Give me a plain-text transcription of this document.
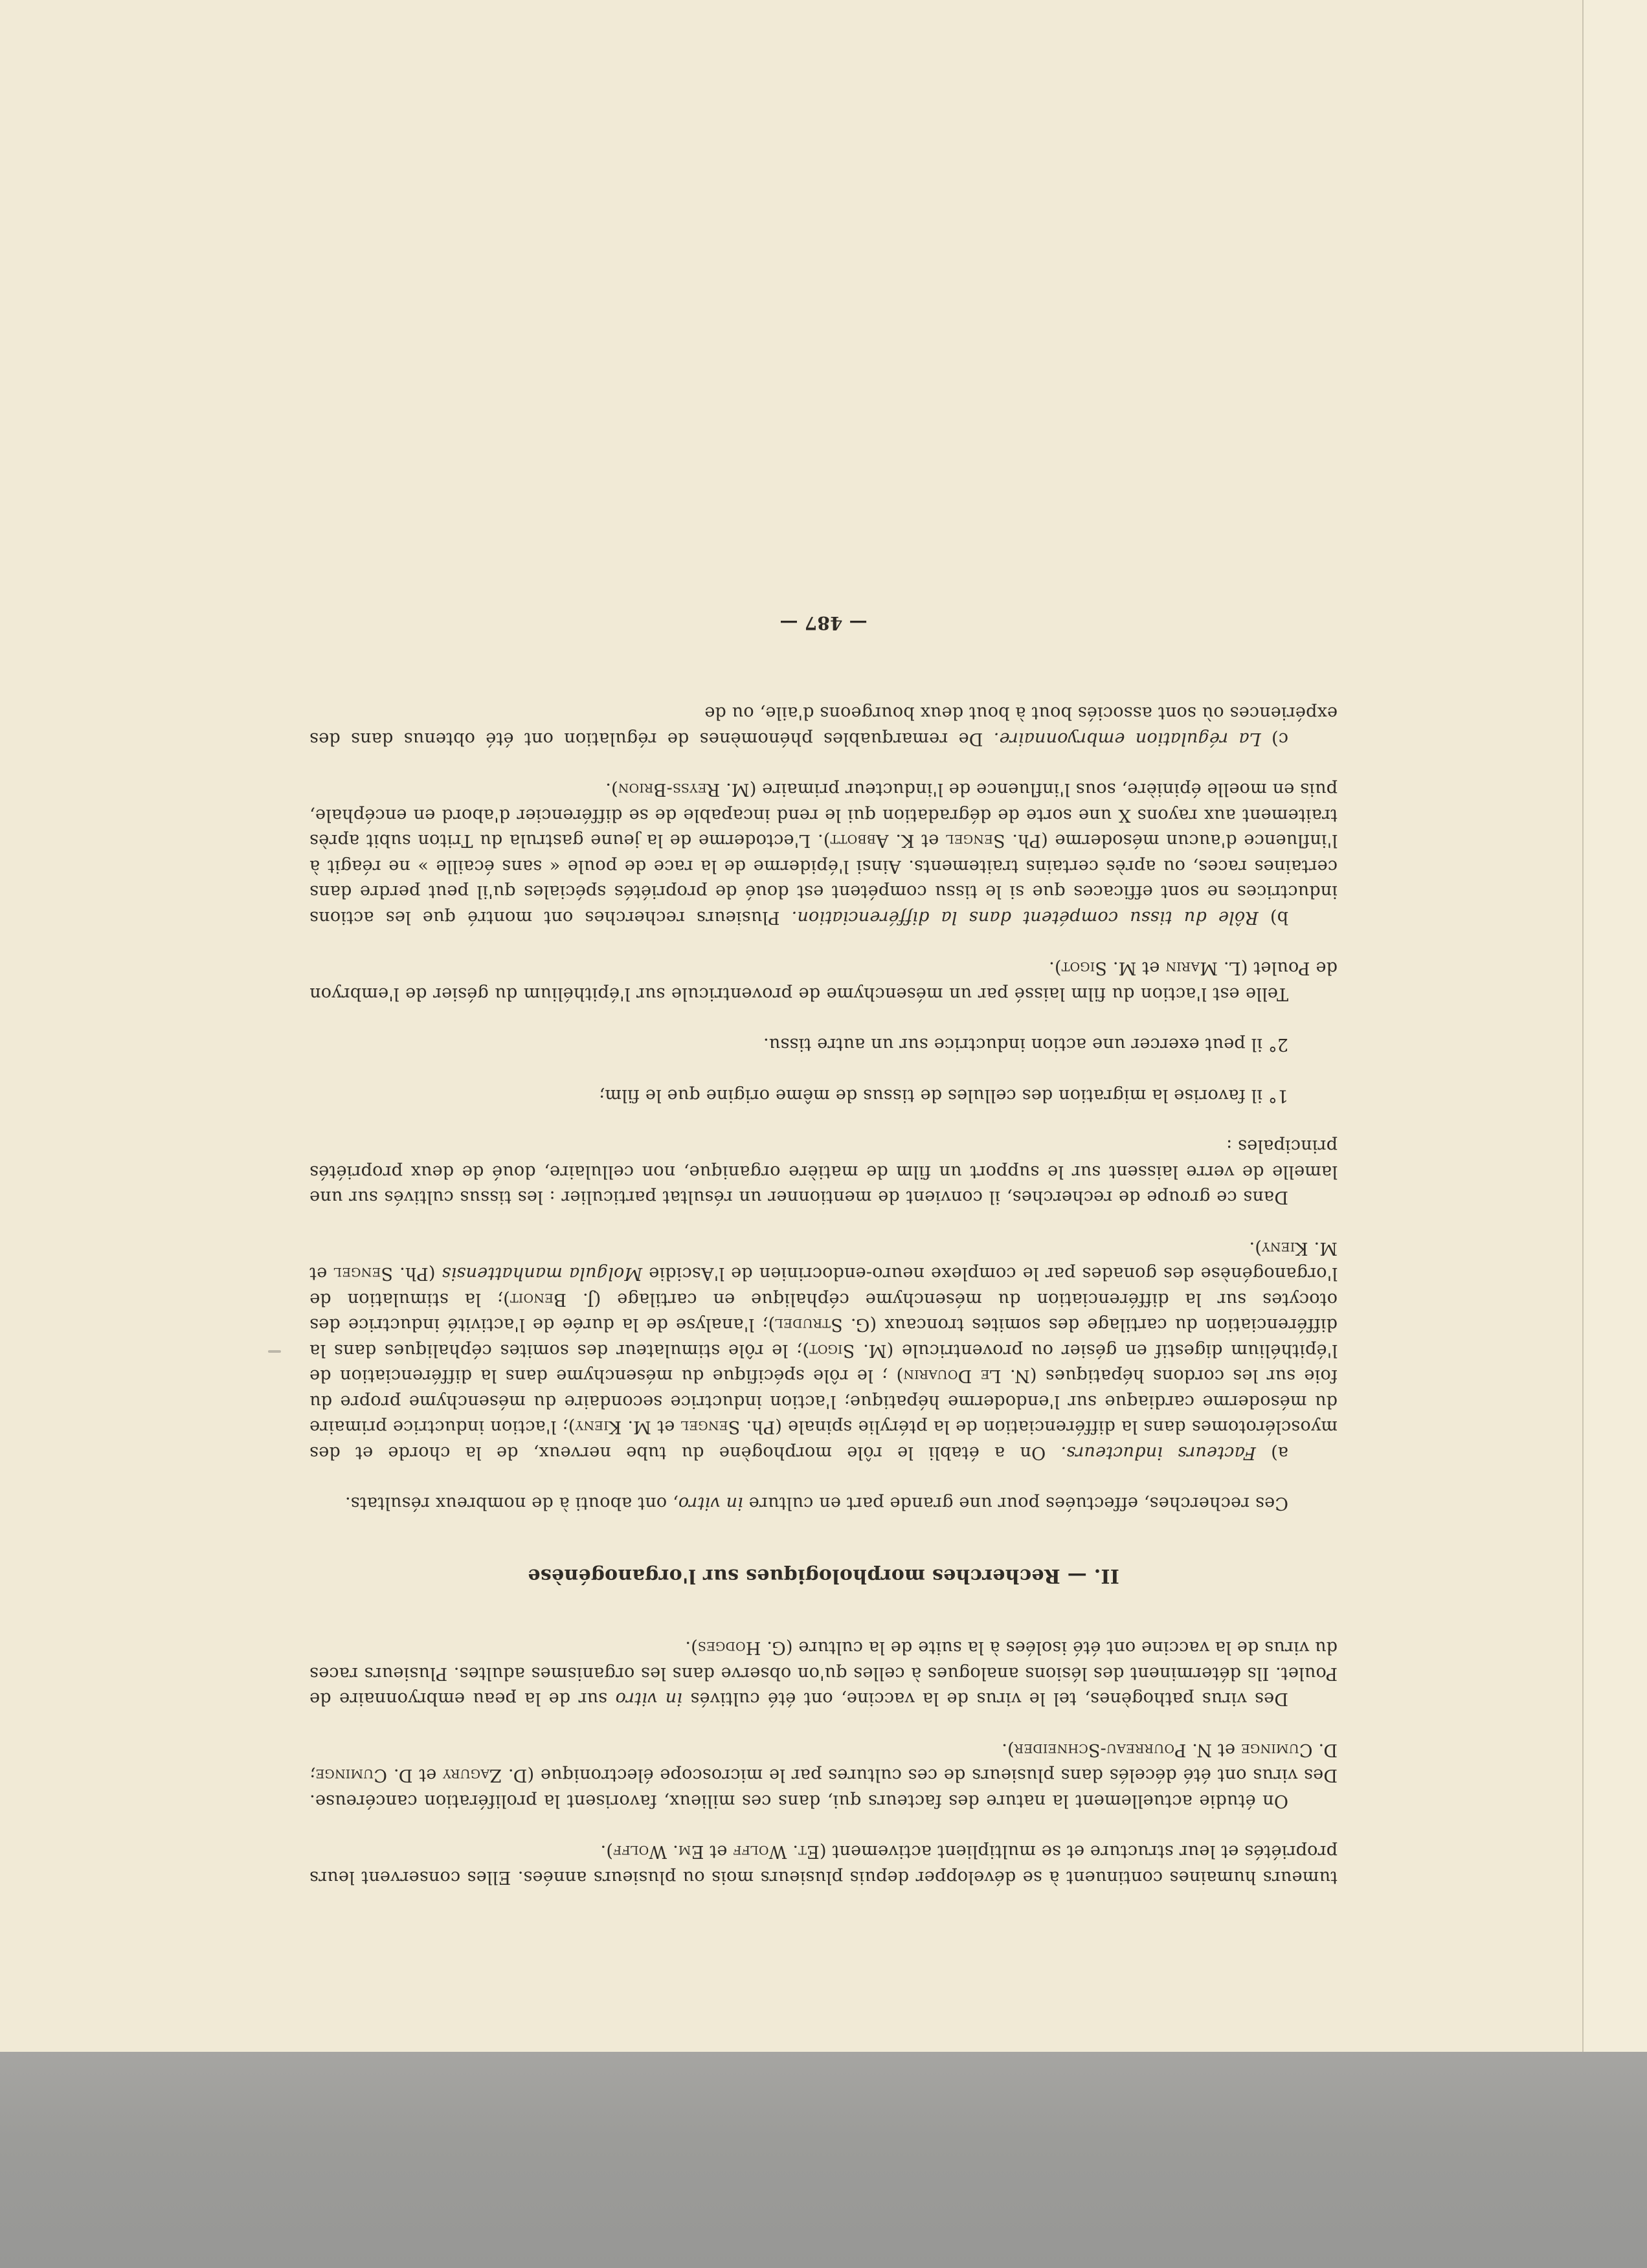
tumeurs humaines continuent à se développer depuis plusieurs mois ou plusieurs années. Elles conservent leurs propriétés et leur structure et se multiplient activement (Et. Wolff et Em. Wolff).

On étudie actuellement la nature des facteurs qui, dans ces milieux, favorisent la prolifération cancéreuse. Des virus ont été décelés dans plusieurs de ces cultures par le microscope électronique (D. Zagury et D. Cuminge; D. Cuminge et N. Pourreau-Schneider).

Des virus pathogènes, tel le virus de la vaccine, ont été cultivés in vitro sur de la peau embryonnaire de Poulet. Ils déterminent des lésions analogues à celles qu'on observe dans les organismes adultes. Plusieurs races du virus de la vaccine ont été isolées à la suite de la culture (G. Hodges).

II. — Recherches morphologiques sur l'organogénèse

Ces recherches, effectuées pour une grande part en culture in vitro, ont abouti à de nombreux résultats.

a) Facteurs inducteurs. On a établi le rôle morphogène du tube nerveux, de la chorde et des myosclérotomes dans la différenciation de la ptérylie spinale (Ph. Sengel et M. Kieny); l'action inductrice primaire du mésoderme cardiaque sur l'endoderme hépatique; l'action inductrice secondaire du mésenchyme propre du foie sur les cordons hépatiques (N. Le Douarin) ; le rôle spécifique du mésenchyme dans la différenciation de l'épithélium digestif en gésier ou proventricule (M. Sigot); le rôle stimulateur des somites céphaliques dans la différenciation du cartilage des somites troncaux (G. Strudel); l'analyse de la durée de l'activité inductrice des otocytes sur la différenciation du mésenchyme céphalique en cartilage (J. Benoit); la stimulation de l'organogénèse des gonades par le complexe neuro-endocrinien de l'Ascidie Molgula manhattensis (Ph. Sengel et M. Kieny).

Dans ce groupe de recherches, il convient de mentionner un résultat particulier : les tissus cultivés sur une lamelle de verre laissent sur le support un film de matière organique, non cellulaire, doué de deux propriétés principales :

1° il favorise la migration des cellules de tissus de même origine que le film;

2° il peut exercer une action inductrice sur un autre tissu.

Telle est l'action du film laissé par un mésenchyme de proventricule sur l'épithélium du gésier de l'embryon de Poulet (L. Marin et M. Sigot).

b) Rôle du tissu compétent dans la différenciation. Plusieurs recherches ont montré que les actions inductrices ne sont efficaces que si le tissu compétent est doué de propriétés spéciales qu'il peut perdre dans certaines races, ou après certains traitements. Ainsi l'épiderme de la race de poule « sans écaille » ne réagit à l'influence d'aucun mésoderme (Ph. Sengel et K. Abbott). L'ectoderme de la jeune gastrula du Triton subit après traitement aux rayons X une sorte de dégradation qui le rend incapable de se différencier d'abord en encéphale, puis en moelle épinière, sous l'influence de l'inducteur primaire (M. Reyss-Brion).

c) La régulation embryonnaire. De remarquables phénomènes de régulation ont été obtenus dans des expériences où sont associés bout à bout deux bourgeons d'aile, ou de

— 487 —
